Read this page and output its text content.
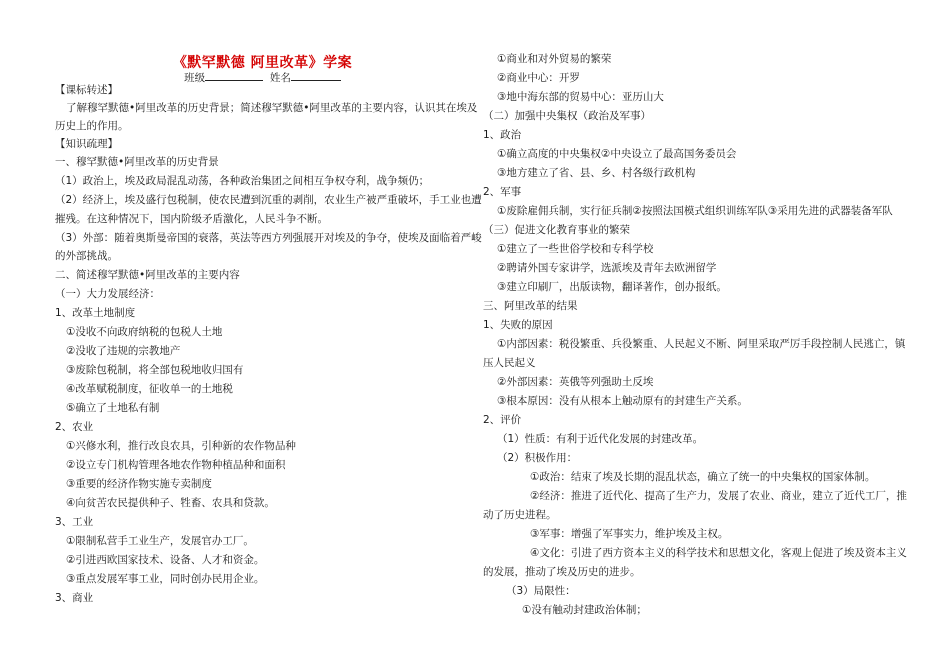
《默罕默德 阿里改革》学案
班级	姓名
【课标转述】
了解穆罕默德•阿里改革的历史背景；简述穆罕默德•阿里改革的主要内容，认识其在埃及
历史上的作用。
【知识疏理】
一、穆罕默德•阿里改革的历史背景
（1）政治上，埃及政局混乱动荡，各种政治集团之间相互争权夺利，战争频仍；
（2）经济上，埃及盛行包税制，使农民遭到沉重的剥削，农业生产被严重破坏，手工业也遭
摧残。在这种情况下，国内阶级矛盾激化，人民斗争不断。
（3）外部：随着奥斯曼帝国的衰落，英法等西方列强展开对埃及的争夺，使埃及面临着严峻
的外部挑战。
二、简述穆罕默德•阿里改革的主要内容
（一）大力发展经济：
1、改革土地制度
①没收不向政府纳税的包税人土地
②没收了违规的宗教地产
③废除包税制，将全部包税地收归国有
④改革赋税制度，征收单一的土地税
⑤确立了土地私有制
2、农业
①兴修水利，推行改良农具，引种新的农作物品种
②设立专门机构管理各地农作物种植品种和面积
③重要的经济作物实施专卖制度
④向贫苦农民提供种子、牲畜、农具和贷款。
3、工业
①限制私营手工业生产，发展官办工厂。
②引进西欧国家技术、设备、人才和资金。
③重点发展军事工业，同时创办民用企业。
3、商业
①商业和对外贸易的繁荣
②商业中心：开罗
③地中海东部的贸易中心：亚历山大
（二）加强中央集权（政治及军事）
1、政治
①确立高度的中央集权②中央设立了最高国务委员会
③地方建立了省、县、乡、村各级行政机构
2、军事
①废除雇佣兵制，实行征兵制②按照法国模式组织训练军队③采用先进的武器装备军队
（三）促进文化教育事业的繁荣
①建立了一些世俗学校和专科学校
②聘请外国专家讲学，选派埃及青年去欧洲留学
③建立印刷厂，出版读物，翻译著作，创办报纸。
三、阿里改革的结果
1、失败的原因
①内部因素：税役繁重、兵役繁重、人民起义不断、阿里采取严厉手段控制人民逃亡，镇
压人民起义
②外部因素：英俄等列强助土反埃
③根本原因：没有从根本上触动原有的封建生产关系。
2、评价
（1）性质：有利于近代化发展的封建改革。
（2）积极作用：
①政治：结束了埃及长期的混乱状态，确立了统一的中央集权的国家体制。
②经济：推进了近代化、提高了生产力，发展了农业、商业，建立了近代工厂，推
动了历史进程。
③军事：增强了军事实力，维护埃及主权。
④文化：引进了西方资本主义的科学技术和思想文化，客观上促进了埃及资本主义
的发展，推动了埃及历史的进步。
（3）局限性：
①没有触动封建政治体制；
